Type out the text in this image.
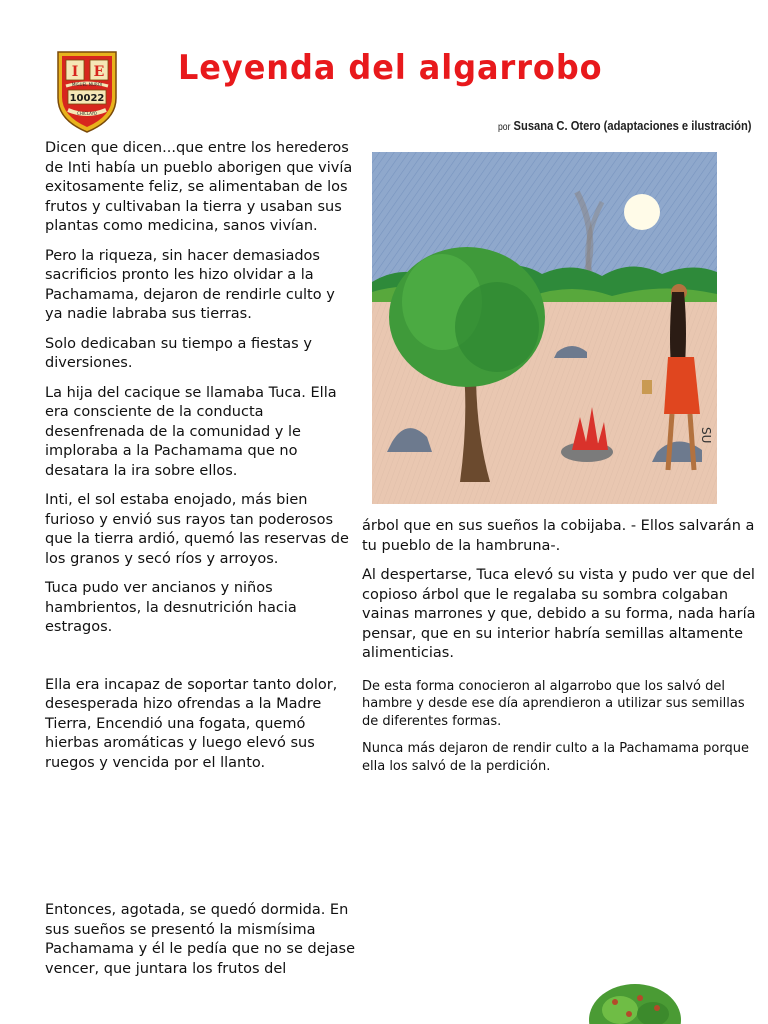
I E
MIGUEL MUROI
10022
CHICLAYO
Leyenda del algarrobo
por Susana C. Otero (adaptaciones e ilustración)

Dicen que dicen...que entre los herederos de Inti había un pueblo aborigen que vivía exitosamente feliz, se alimentaban de los frutos y cultivaban la tierra y usaban sus plantas como medicina, sanos vivían.

Pero la riqueza, sin hacer demasiados sacrificios pronto les hizo olvidar a la Pachamama, dejaron de rendirle culto y ya nadie labraba sus tierras.

Solo dedicaban su tiempo a fiestas y diversiones.

La hija del cacique se llamaba Tuca. Ella era consciente de la conducta desenfrenada de la comunidad y le imploraba a la Pachamama que no desatara la ira sobre ellos.

Inti, el sol estaba enojado, más bien furioso y envió sus rayos tan poderosos que la tierra ardió, quemó las reservas de los granos y secó ríos y arroyos.

Tuca pudo ver ancianos y niños hambrientos, la desnutrición hacia estragos.

Ella era incapaz de soportar tanto dolor, desesperada hizo ofrendas a la Madre Tierra, Encendió una fogata, quemó hierbas aromáticas y luego elevó sus ruegos y vencida por el llanto.

Entonces, agotada, se quedó dormida. En sus sueños se presentó la mismísima Pachamama y él le pedía que no se dejase vencer, que juntara los frutos del

SU

árbol que en sus sueños la cobijaba. - Ellos salvarán a tu pueblo de la hambruna-.

Al despertarse, Tuca elevó su vista y pudo ver que del copioso árbol que le regalaba su sombra colgaban vainas marrones y que, debido a su forma, nada haría pensar, que en su interior habría semillas altamente alimenticias.

De esta forma conocieron al algarrobo que los salvó del hambre y desde ese día aprendieron a utilizar sus semillas de diferentes formas.

Nunca más dejaron de rendir culto a la Pachamama porque ella los salvó de la perdición.
